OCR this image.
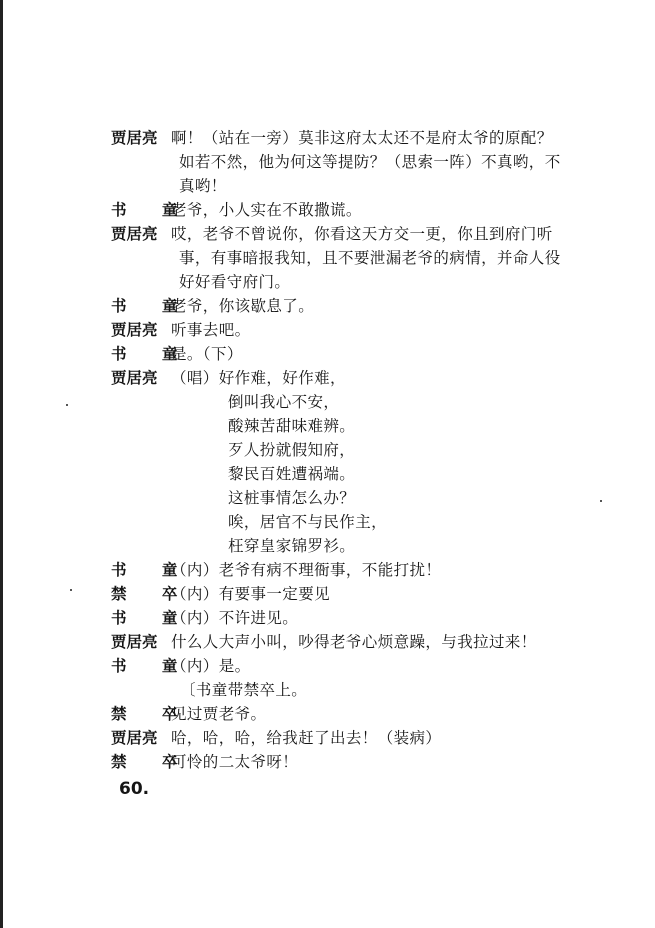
贾居亮 啊！（站在一旁）莫非这府太太还不是府太爷的原配？
如若不然，他为何这等提防？（思索一阵）不真哟，不
真哟！
书 童
老爷，小人实在不敢撒谎。
贾居亮 哎，老爷不曾说你，你看这天方交一更，你且到府门听
事，有事暗报我知，且不要泄漏老爷的病情，并命人役
好好看守府门。
书 童
老爷，你该歇息了。
贾居亮 听事去吧。
书 童
是。（下）
贾居亮 （唱）好作难，好作难，
倒叫我心不安，
酸辣苦甜味难辨。
歹人扮就假知府，
黎民百姓遭祸端。
这桩事情怎么办？
唉，居官不与民作主，
枉穿皇家锦罗衫。
书 童
（内）老爷有病不理衙事，不能打扰！
禁 卒
（内）有要事一定要见
书 童
（内）不许进见。
贾居亮 什么人大声小叫，吵得老爷心烦意躁，与我拉过来！
书 童
（内）是。
〔书童带禁卒上。
禁 卒
见过贾老爷。
贾居亮 哈，哈，哈，给我赶了出去！（装病）
禁 卒
可怜的二太爷呀！
60.
